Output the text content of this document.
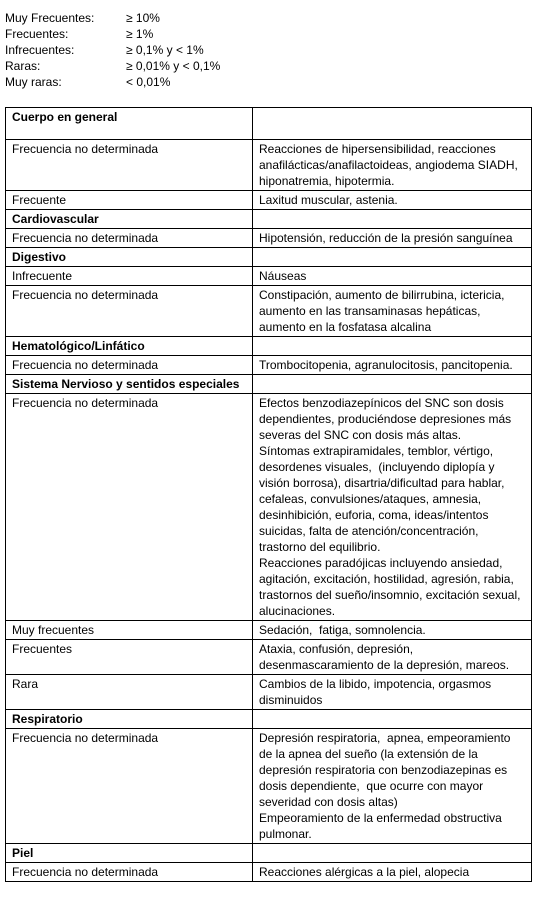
Muy Frecuentes:	≥ 10%
Frecuentes:	≥ 1%
Infrecuentes:	≥ 0,1% y < 1%
Raras:	≥ 0,01% y < 0,1%
Muy raras:	< 0,01%
Cuerpo en general	
Frecuencia no determinada	Reacciones de hipersensibilidad, reacciones anafilácticas/anafilactoideas, angiodema SIADH, hiponatremia, hipotermia.
Frecuente	Laxitud muscular, astenia.
Cardiovascular	
Frecuencia no determinada	Hipotensión, reducción de la presión sanguínea
Digestivo	
Infrecuente	Náuseas
Frecuencia no determinada	Constipación, aumento de bilirrubina, ictericia, aumento en las transaminasas hepáticas, aumento en la fosfatasa alcalina
Hematológico/Linfático	
Frecuencia no determinada	Trombocitopenia, agranulocitosis, pancitopenia.
Sistema Nervioso y sentidos especiales	
Frecuencia no determinada	Efectos benzodiazepínicos del SNC son dosis dependientes, produciéndose depresiones más severas del SNC con dosis más altas.
Síntomas extrapiramidales, temblor, vértigo, desordenes visuales,  (incluyendo diplopía y visión borrosa), disartria/dificultad para hablar, cefaleas, convulsiones/ataques, amnesia, desinhibición, euforia, coma, ideas/intentos suicidas, falta de atención/concentración, trastorno del equilibrio.
Reacciones paradójicas incluyendo ansiedad, agitación, excitación, hostilidad, agresión, rabia,  trastornos del sueño/insomnio, excitación sexual, alucinaciones.
Muy frecuentes	Sedación,  fatiga, somnolencia.
Frecuentes	Ataxia, confusión, depresión, desenmascaramiento de la depresión, mareos.
Rara	Cambios de la libido, impotencia, orgasmos disminuidos
Respiratorio	
Frecuencia no determinada	Depresión respiratoria,  apnea, empeoramiento de la apnea del sueño (la extensión de la depresión respiratoria con benzodiazepinas es dosis dependiente,  que ocurre con mayor severidad con dosis altas)
Empeoramiento de la enfermedad obstructiva pulmonar.
Piel	
Frecuencia no determinada	Reacciones alérgicas a la piel, alopecia
